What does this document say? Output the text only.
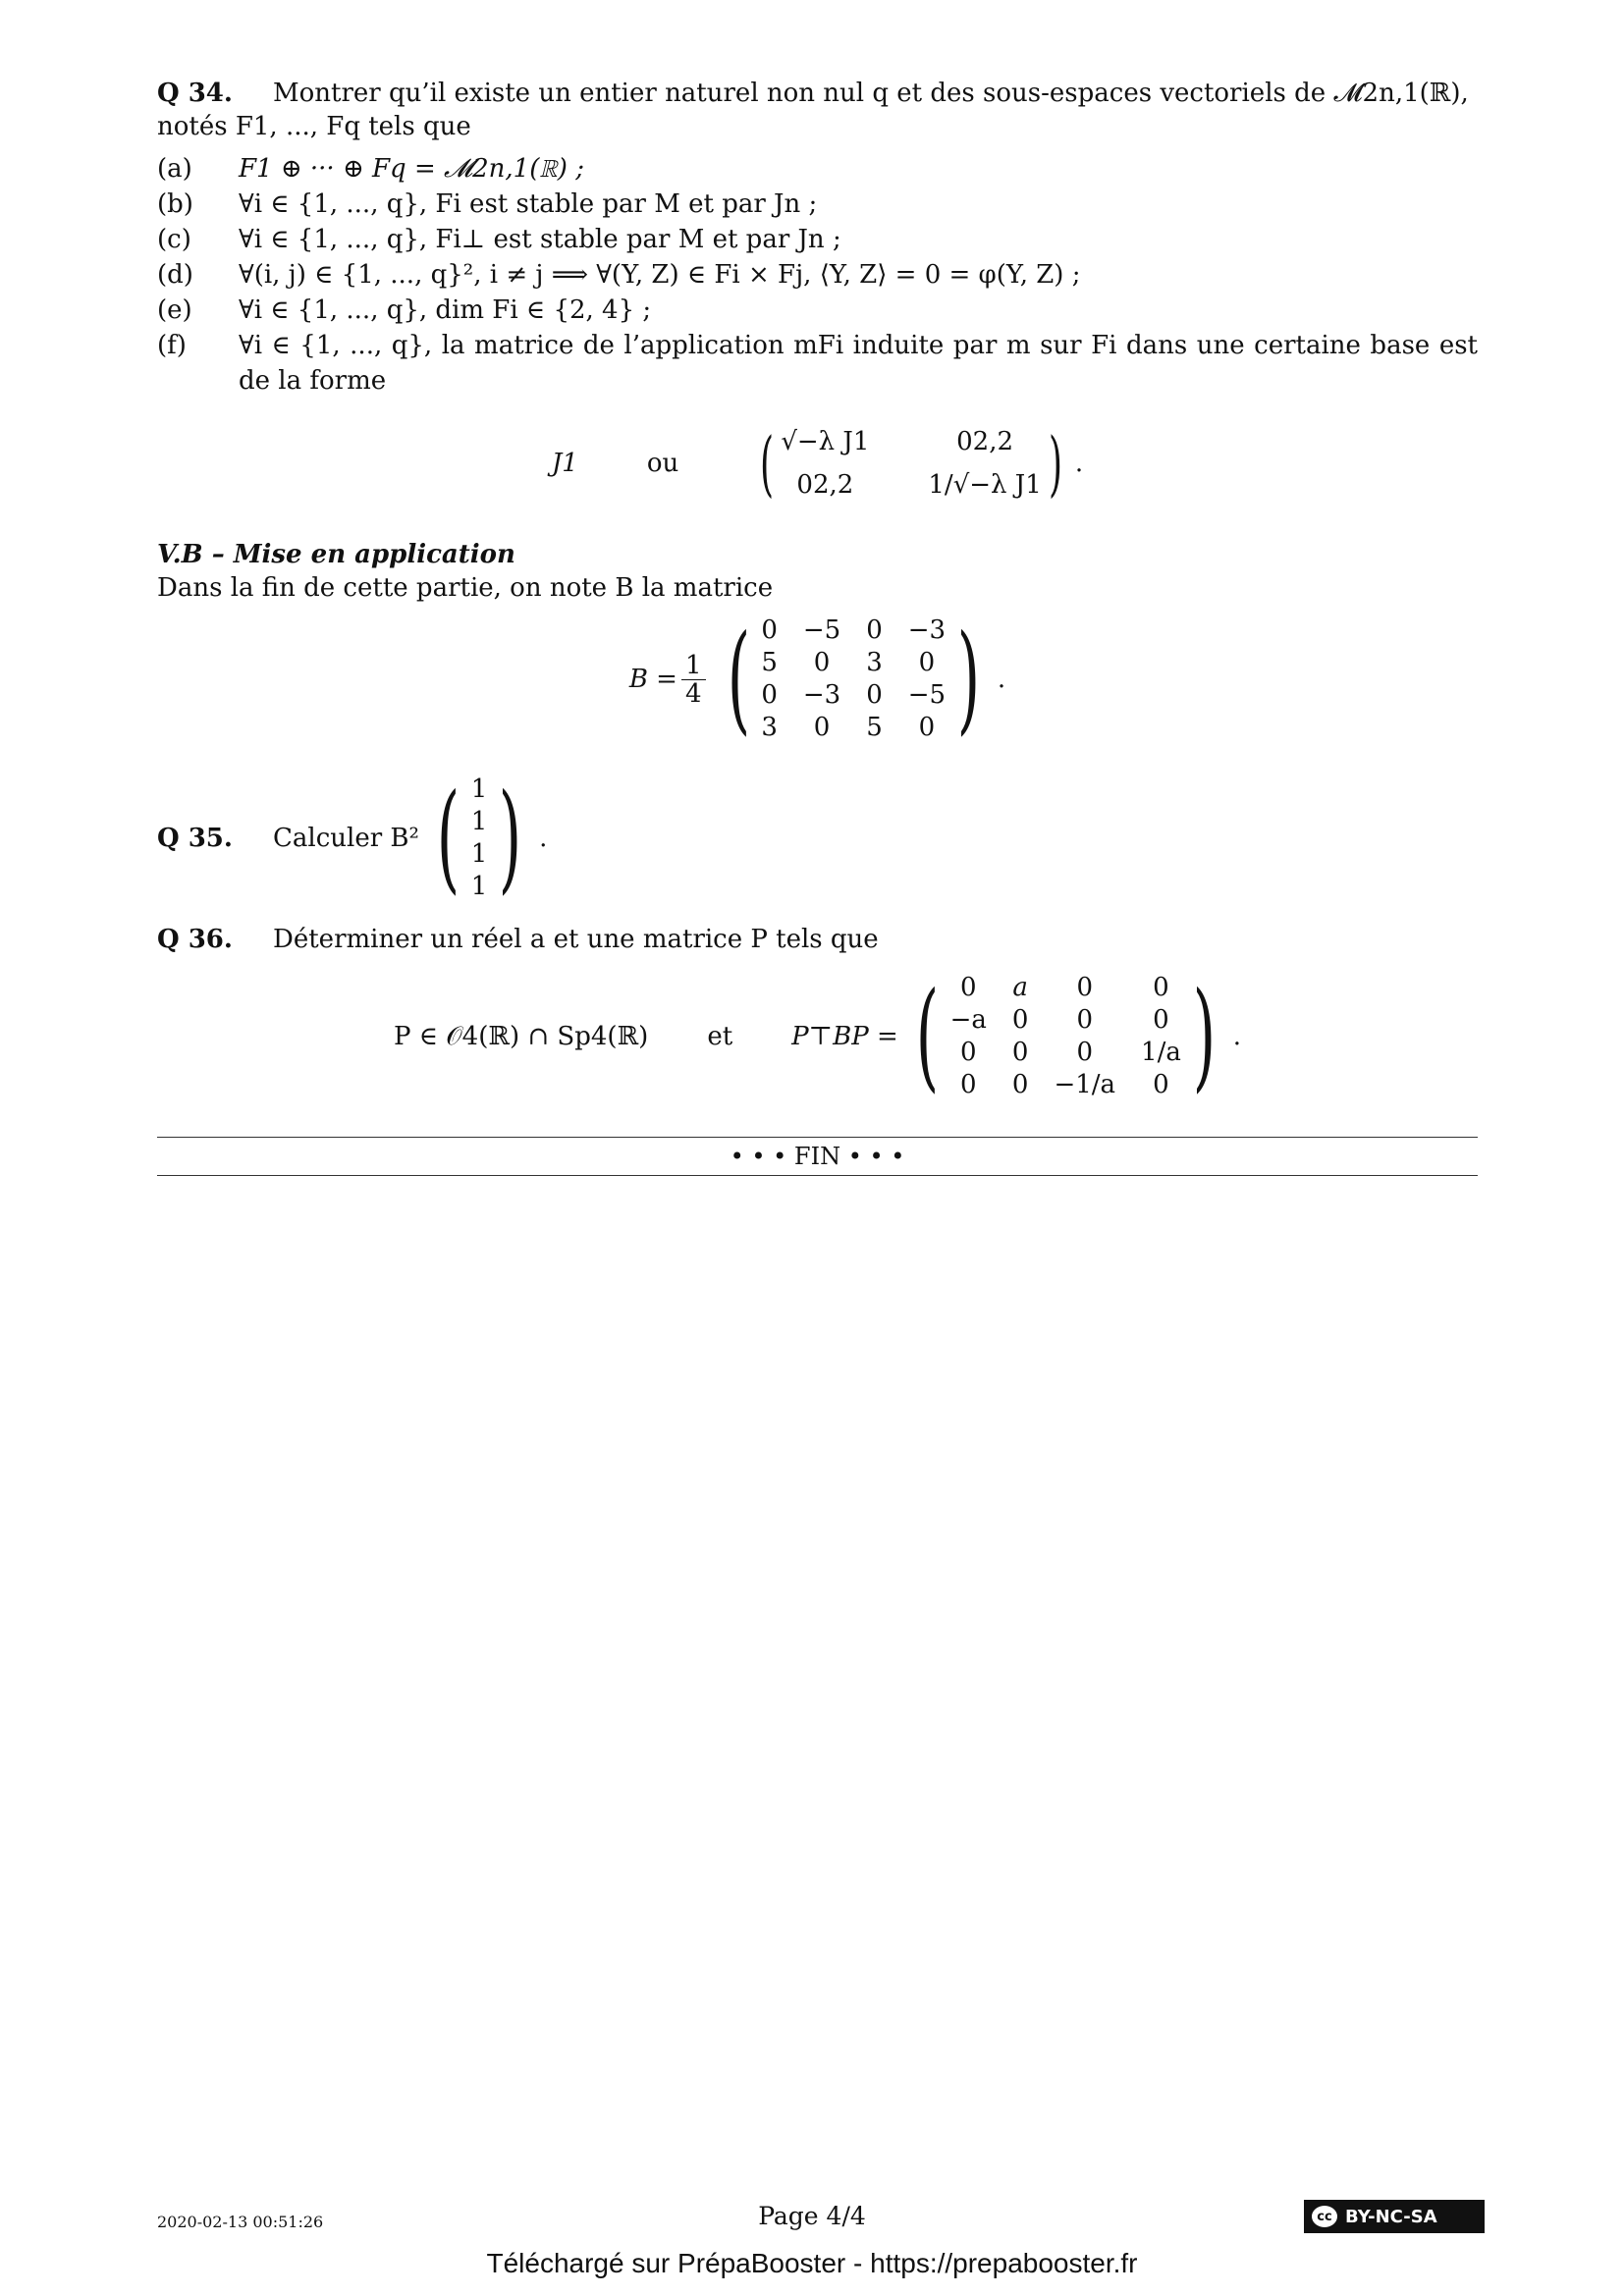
Q 34. Montrer qu’il existe un entier naturel non nul q et des sous-espaces vectoriels de 𝓜2n,1(ℝ), notés F1, ..., Fq tels que
(a)	F1 ⊕ ··· ⊕ Fq = 𝓜2n,1(ℝ) ;
(b)	∀i ∈ {1, ..., q}, Fi est stable par M et par Jn ;
(c)	∀i ∈ {1, ..., q}, Fi⊥ est stable par M et par Jn ;
(d)	∀(i, j) ∈ {1, ..., q}², i ≠ j ⟹ ∀(Y, Z) ∈ Fi × Fj, ⟨Y, Z⟩ = 0 = φ(Y, Z) ;
(e)	∀i ∈ {1, ..., q}, dim Fi ∈ {2, 4} ;
(f)	∀i ∈ {1, ..., q}, la matrice de l’application mFi induite par m sur Fi dans une certaine base est de la forme
J1	ou ( √−λ J1	02,2
02,2	1/√−λ J1 ) .
V.B – Mise en application
Dans la fin de cette partie, on note B la matrice
$B = \frac{1}{4}$ ( 0 −5 0 −3
5	0	3	0
0 −3 0 −5
3	0	5	0 ) .
Q 35.	Calculer B² ( 1
1
1
1 ) .
Q 36. Déterminer un réel a et une matrice P tels que
P ∈ 𝒪4(ℝ) ∩ Sp4(ℝ) et P⊤BP = ( 0	a	0	0
−a 0	0	0
0	0	0	1/a
0	0 −1/a	0 ) .
• • • FIN • • •
2020-02-13 00:51:26	Page 4/4	cc BY-NC-SA
Téléchargé sur PrépaBooster - https://prepabooster.fr
